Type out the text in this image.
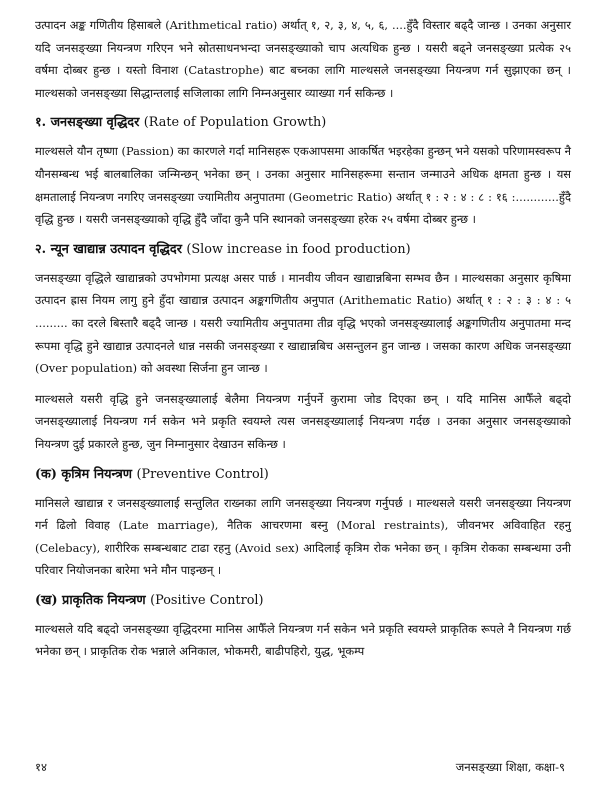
उत्पादन अङ्क गणितीय हिसाबले (Arithmetical ratio) अर्थात् १, २, ३, ४, ५, ६, ....हुँदै विस्तार बढ्दै जान्छ । उनका अनुसार यदि जनसङ्ख्या नियन्त्रण गरिएन भने स्रोतसाधनभन्दा जनसङ्ख्याको चाप अत्यधिक हुन्छ । यसरी बढ्ने जनसङ्ख्या प्रत्येक २५ वर्षमा दोब्बर हुन्छ । यस्तो विनाश (Catastrophe) बाट बच्नका लागि माल्थसले जनसङ्ख्या नियन्त्रण गर्न सुझाएका छन् । माल्थसको जनसङ्ख्या सिद्धान्तलाई सजिलाका लागि निम्नअनुसार व्याख्या गर्न सकिन्छ ।

१. जनसङ्ख्या वृद्धिदर (Rate of Population Growth)

माल्थसले यौन तृष्णा (Passion) का कारणले गर्दा मानिसहरू एकआपसमा आकर्षित भइरहेका हुन्छन् भने यसको परिणामस्वरूप नै यौनसम्बन्ध भई बालबालिका जन्मिन्छन् भनेका छन् । उनका अनुसार मानिसहरूमा सन्तान जन्माउने अधिक क्षमता हुन्छ । यस क्षमतालाई नियन्त्रण नगरिए जनसङ्ख्या ज्यामितीय अनुपातमा (Geometric Ratio) अर्थात् १ : २ : ४ : ८ : १६ :............हुँदै वृद्धि हुन्छ । यसरी जनसङ्ख्याको वृद्धि हुँदै जाँदा कुनै पनि स्थानको जनसङ्ख्या हरेक २५ वर्षमा दोब्बर हुन्छ ।

२. न्यून खाद्यान्न उत्पादन वृद्धिदर (Slow increase in food production)

जनसङ्ख्या वृद्धिले खाद्यान्नको उपभोगमा प्रत्यक्ष असर पार्छ । मानवीय जीवन खाद्यान्नबिना सम्भव छैन । माल्थसका अनुसार कृषिमा उत्पादन ह्रास नियम लागु हुने हुँदा खाद्यान्न उत्पादन अङ्कगणितीय अनुपात (Arithematic Ratio) अर्थात् १ : २ : ३ : ४ : ५ ......... का दरले बिस्तारै बढ्दै जान्छ । यसरी ज्यामितीय अनुपातमा तीव्र वृद्धि भएको जनसङ्ख्यालाई अङ्कगणितीय अनुपातमा मन्द रूपमा वृद्धि हुने खाद्यान्न उत्पादनले धान्न नसकी जनसङ्ख्या र खाद्यान्नबिच असन्तुलन हुन जान्छ । जसका कारण अधिक जनसङ्ख्या (Over population) को अवस्था सिर्जना हुन जान्छ ।

माल्थसले यसरी वृद्धि हुने जनसङ्ख्यालाई बेलैमा नियन्त्रण गर्नुपर्ने कुरामा जोड दिएका छन् । यदि मानिस आफैँले बढ्दो जनसङ्ख्यालाई नियन्त्रण गर्न सकेन भने प्रकृति स्वयम्ले त्यस जनसङ्ख्यालाई नियन्त्रण गर्दछ । उनका अनुसार जनसङ्ख्याको नियन्त्रण दुई प्रकारले हुन्छ, जुन निम्नानुसार देखाउन सकिन्छ ।

(क) कृत्रिम नियन्त्रण (Preventive Control)

मानिसले खाद्यान्न र जनसङ्ख्यालाई सन्तुलित राख्नका लागि जनसङ्ख्या नियन्त्रण गर्नुपर्छ । माल्थसले यसरी जनसङ्ख्या नियन्त्रण गर्न ढिलो विवाह (Late marriage), नैतिक आचरणमा बस्नु (Moral restraints), जीवनभर अविवाहित रहनु (Celebacy), शारीरिक सम्बन्धबाट टाढा रहनु (Avoid sex) आदिलाई कृत्रिम रोक भनेका छन् । कृत्रिम रोकका सम्बन्धमा उनी परिवार नियोजनका बारेमा भने मौन पाइन्छन् ।

(ख) प्राकृतिक नियन्त्रण (Positive Control)

माल्थसले यदि बढ्दो जनसङ्ख्या वृद्धिदरमा मानिस आफैँले नियन्त्रण गर्न सकेन भने प्रकृति स्वयम्ले प्राकृतिक रूपले नै नियन्त्रण गर्छ भनेका छन् । प्राकृतिक रोक भन्नाले अनिकाल, भोकमरी, बाढीपहिरो, युद्ध, भूकम्प

१४	जनसङ्ख्या शिक्षा, कक्षा-९
